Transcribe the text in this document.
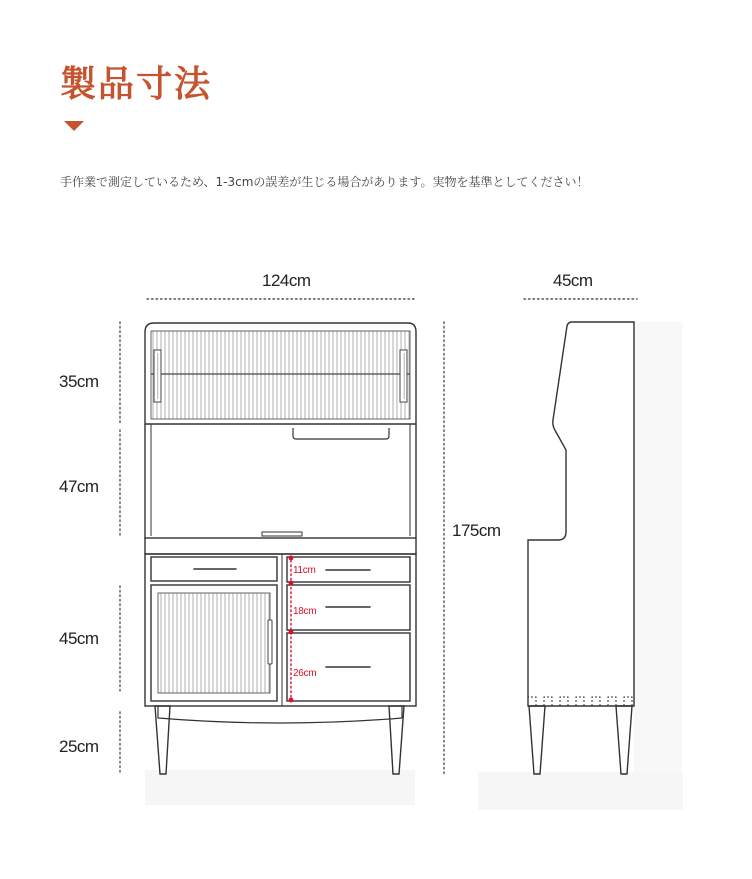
製品寸法
手作業で測定しているため、1-3cmの誤差が生じる場合があります。実物を基準としてください！
124cm	45cm
175cm
35cm
47cm
45cm
25cm
11cm
18cm
26cm
